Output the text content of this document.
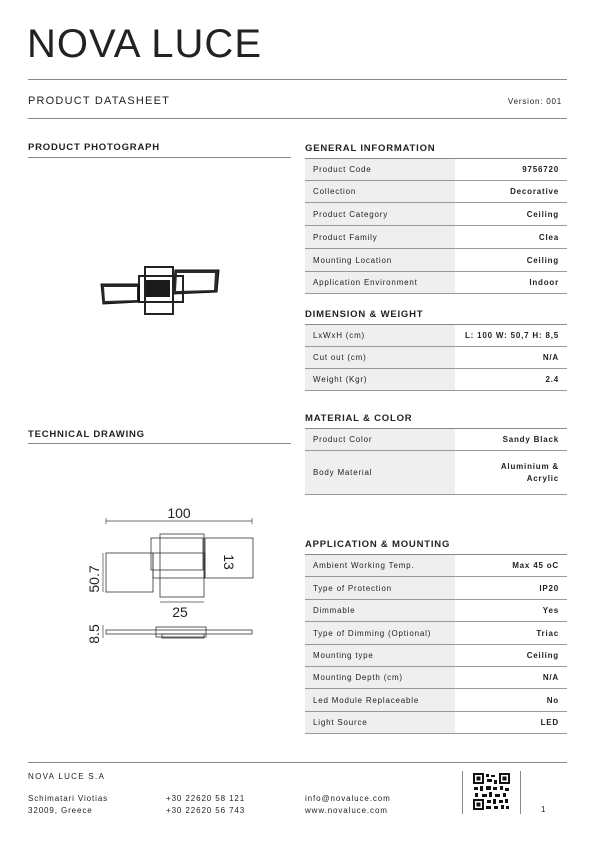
NOVA LUCE
PRODUCT DATASHEET	Version: 001
PRODUCT PHOTOGRAPH
TECHNICAL DRAWING
100
50.7
13
25
8.5
GENERAL INFORMATION
Product Code	9756720
Collection	Decorative
Product Category	Ceiling
Product Family	Clea
Mounting Location	Ceiling
Application Environment	Indoor
DIMENSION & WEIGHT
LxWxH (cm)	L: 100 W: 50,7 H: 8,5
Cut out (cm)	N/A
Weight (Kgr)	2.4
MATERIAL & COLOR
Product Color	Sandy Black
Body Material	Aluminium &
Acrylic
APPLICATION & MOUNTING
Ambient Working Temp.	Max 45 oC
Type of Protection	IP20
Dimmable	Yes
Type of Dimming (Optional)	Triac
Mounting type	Ceiling
Mounting Depth (cm)	N/A
Led Module Replaceable	No
Light Source	LED
NOVA LUCE S.A
Schimatari Viotias
32009, Greece
+30 22620 58 121
+30 22620 56 743
info@novaluce.com
www.novaluce.com	1
